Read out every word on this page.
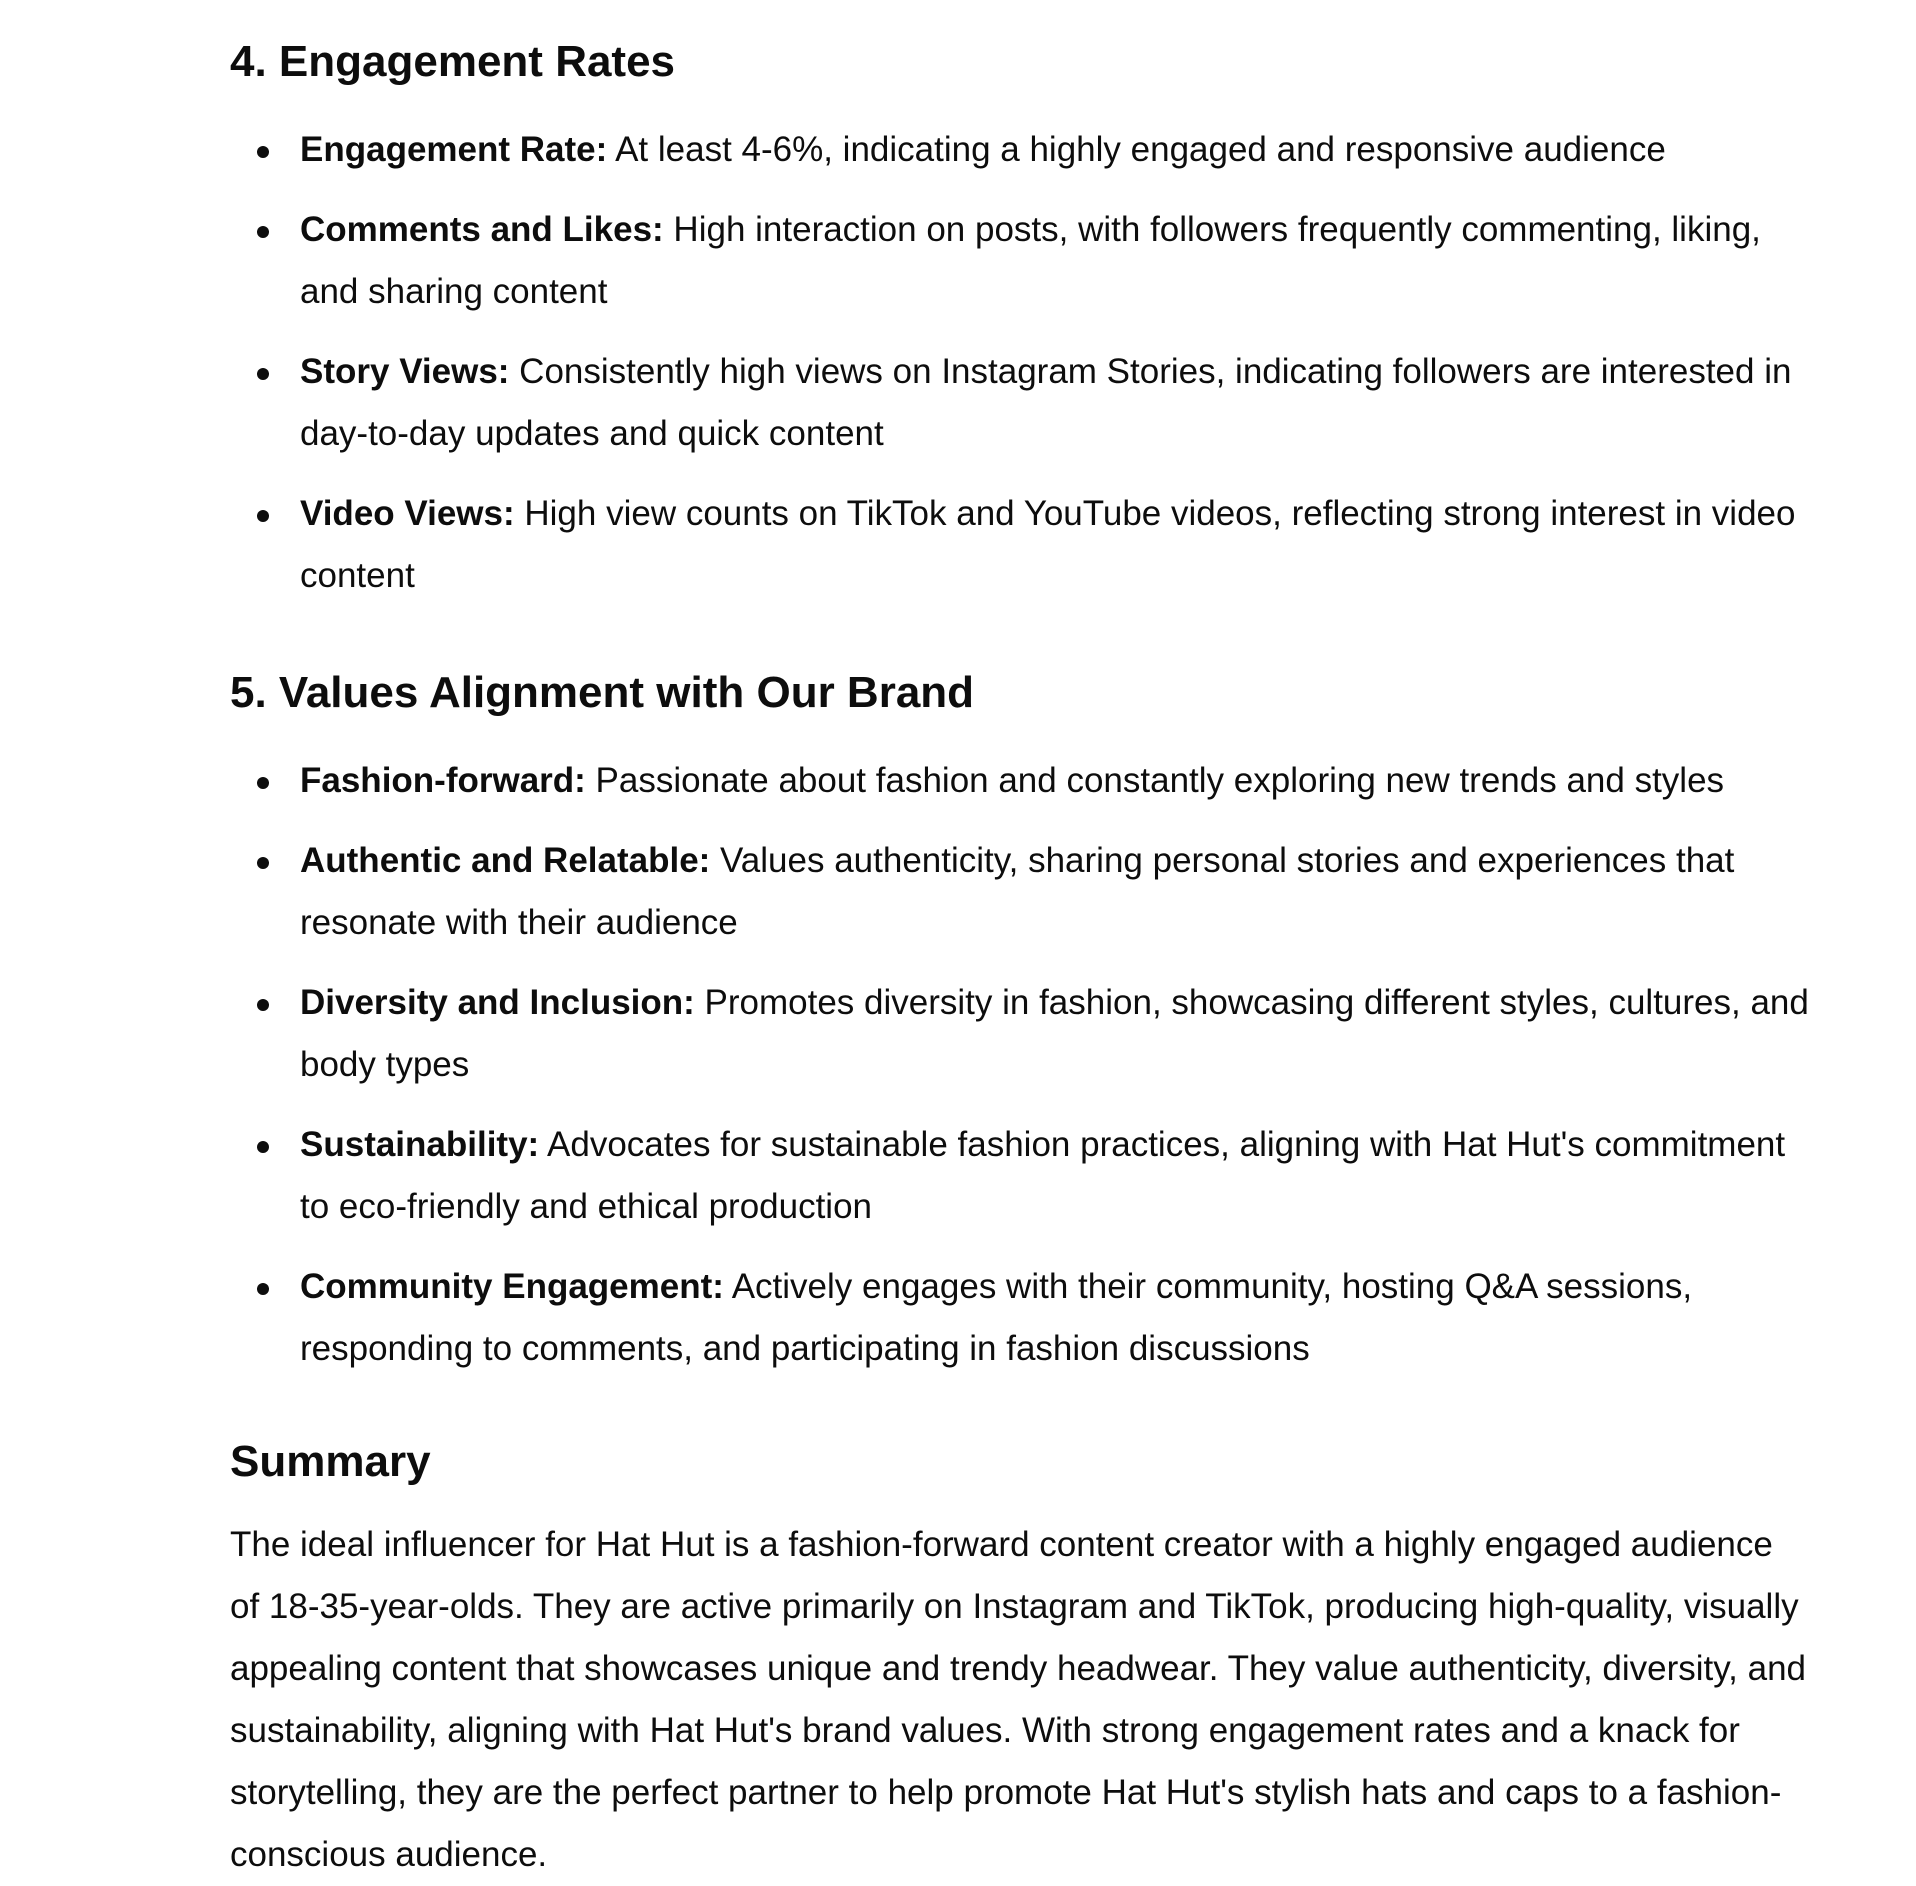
4. Engagement Rates
Engagement Rate: At least 4-6%, indicating a highly engaged and responsive audience
Comments and Likes: High interaction on posts, with followers frequently commenting, liking, and sharing content
Story Views: Consistently high views on Instagram Stories, indicating followers are interested in day-to-day updates and quick content
Video Views: High view counts on TikTok and YouTube videos, reflecting strong interest in video content
5. Values Alignment with Our Brand
Fashion-forward: Passionate about fashion and constantly exploring new trends and styles
Authentic and Relatable: Values authenticity, sharing personal stories and experiences that resonate with their audience
Diversity and Inclusion: Promotes diversity in fashion, showcasing different styles, cultures, and body types
Sustainability: Advocates for sustainable fashion practices, aligning with Hat Hut's commitment to eco-friendly and ethical production
Community Engagement: Actively engages with their community, hosting Q&A sessions, responding to comments, and participating in fashion discussions
Summary

The ideal influencer for Hat Hut is a fashion-forward content creator with a highly engaged audience of 18-35-year-olds. They are active primarily on Instagram and TikTok, producing high-quality, visually appealing content that showcases unique and trendy headwear. They value authenticity, diversity, and sustainability, aligning with Hat Hut's brand values. With strong engagement rates and a knack for storytelling, they are the perfect partner to help promote Hat Hut's stylish hats and caps to a fashion-conscious audience.
